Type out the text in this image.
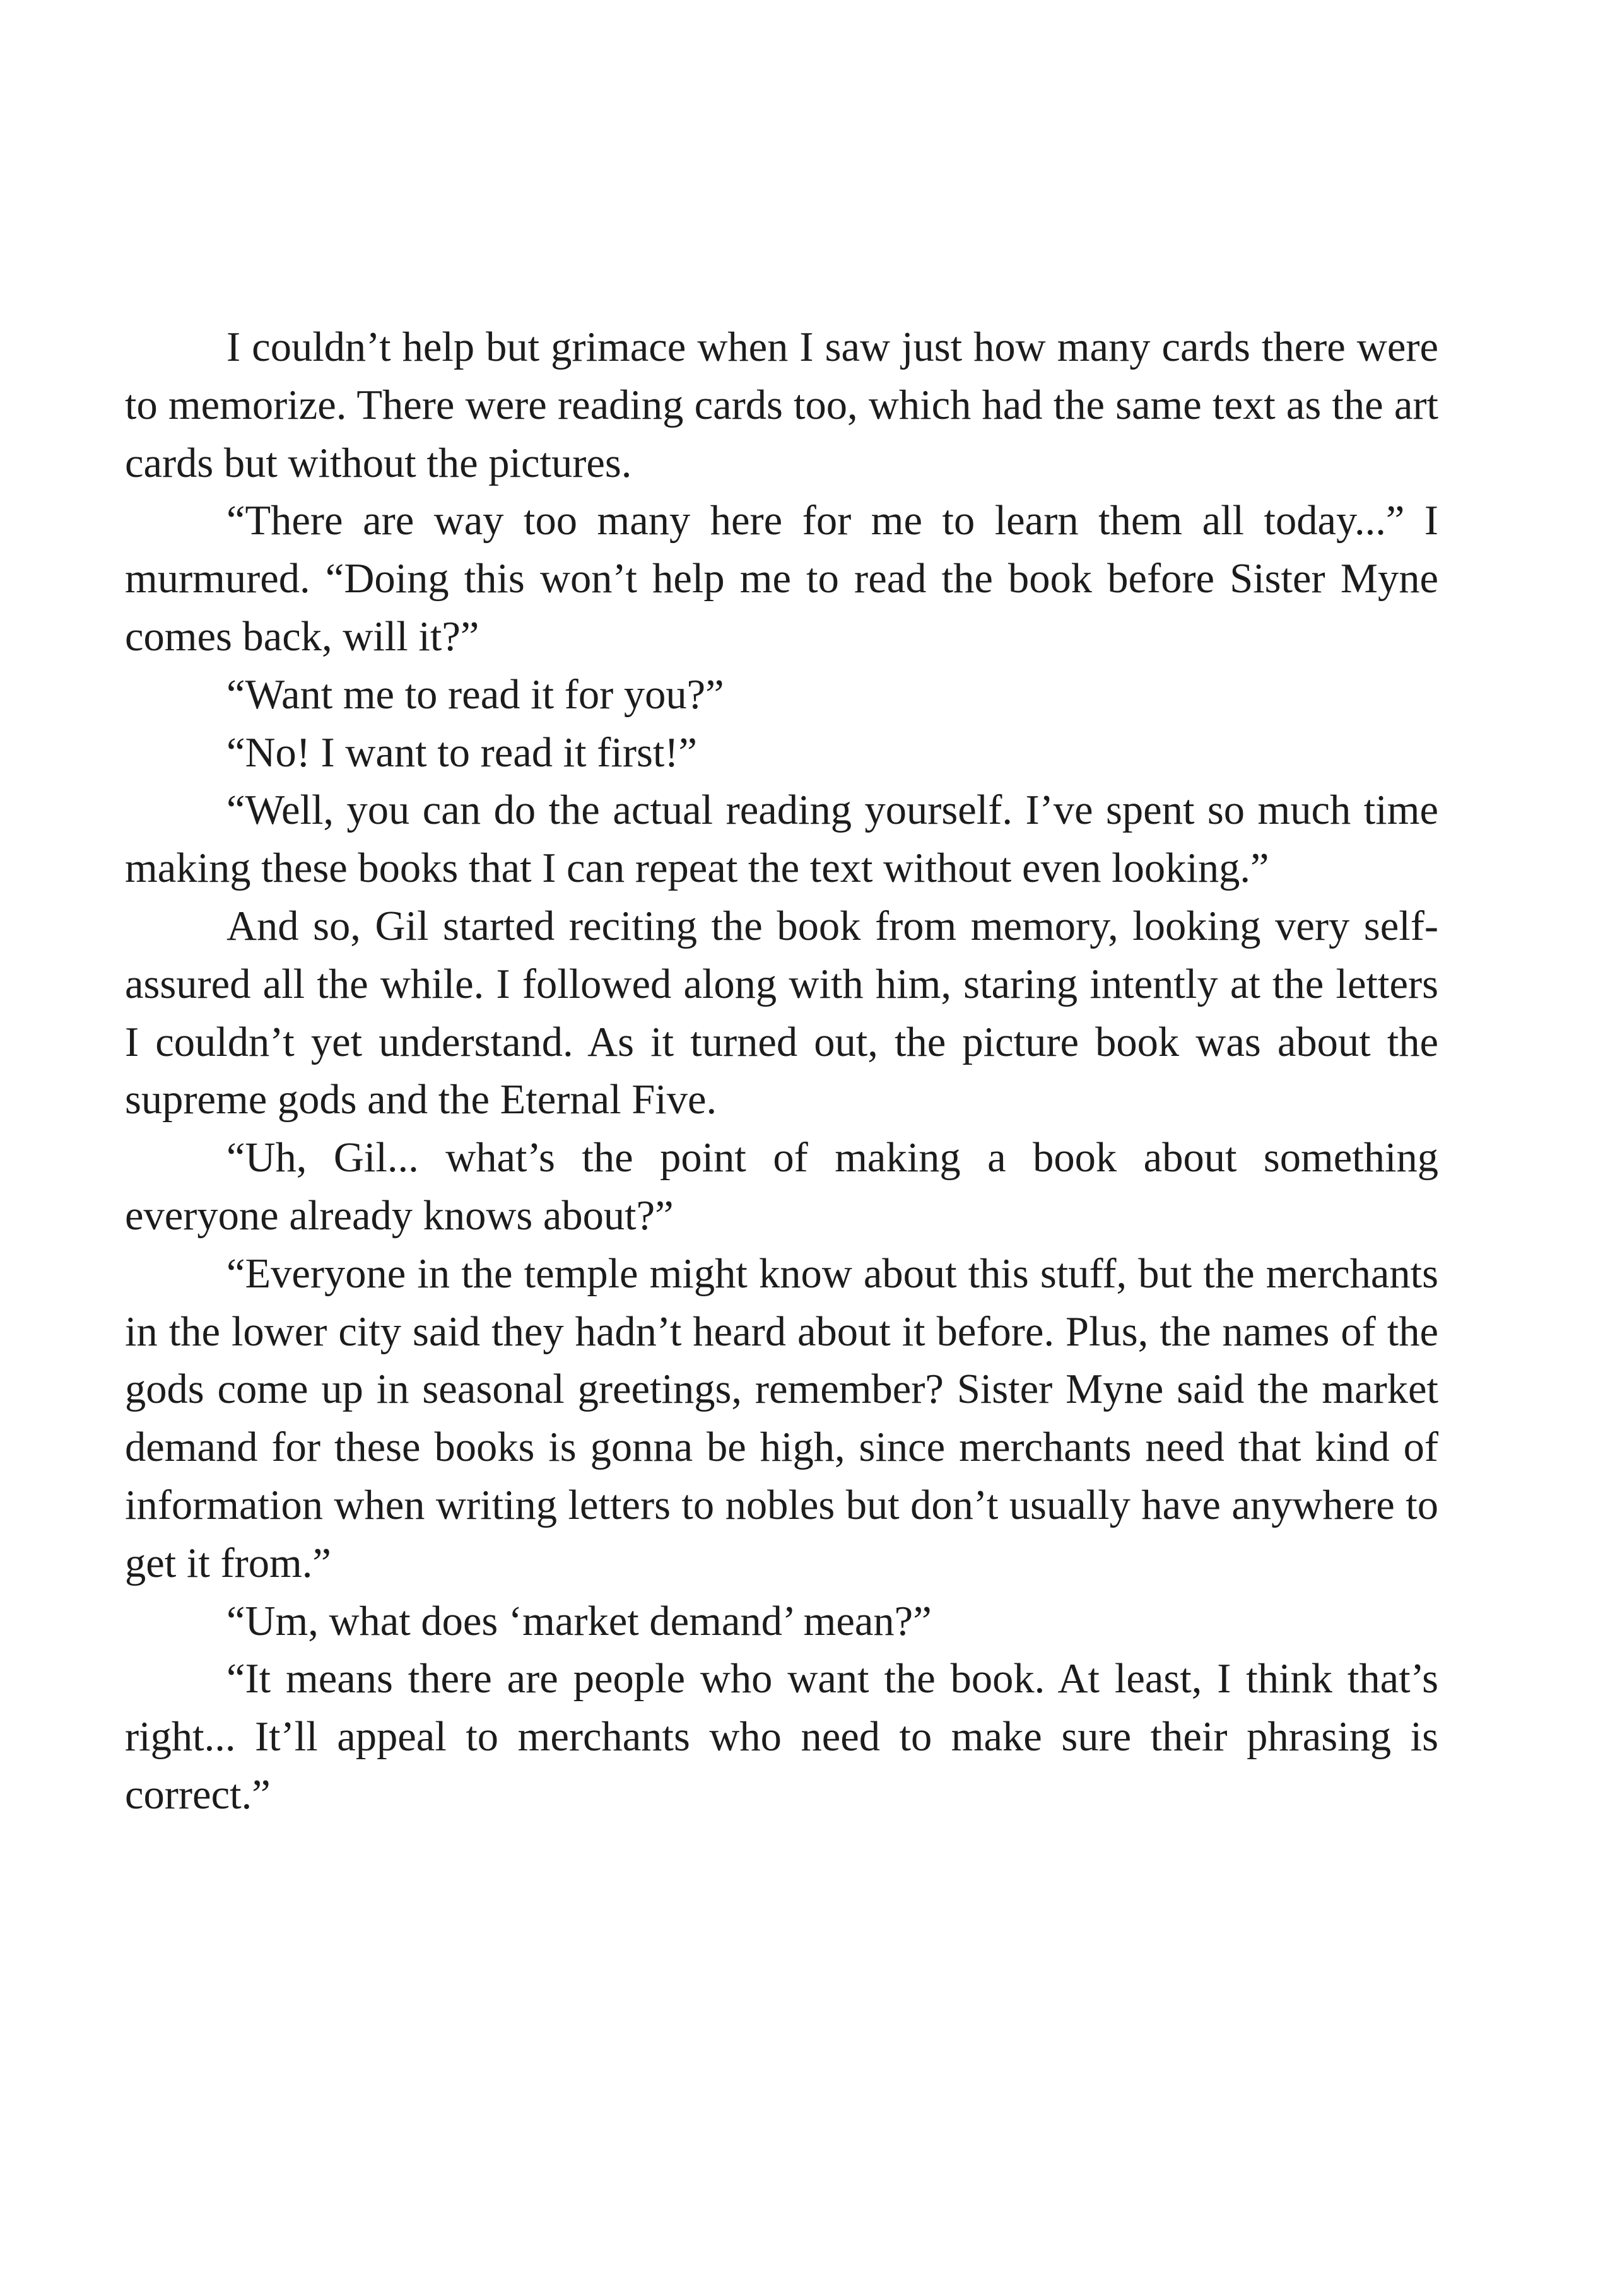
I couldn’t help but grimace when I saw just how many cards there were to memorize. There were reading cards too, which had the same text as the art cards but without the pictures.

“There are way too many here for me to learn them all today...” I murmured. “Doing this won’t help me to read the book before Sister Myne comes back, will it?”

“Want me to read it for you?”

“No! I want to read it first!”

“Well, you can do the actual reading yourself. I’ve spent so much time making these books that I can repeat the text without even looking.”

And so, Gil started reciting the book from memory, looking very self-assured all the while. I followed along with him, staring intently at the letters I couldn’t yet understand. As it turned out, the picture book was about the supreme gods and the Eternal Five.

“Uh, Gil... what’s the point of making a book about something everyone already knows about?”

“Everyone in the temple might know about this stuff, but the merchants in the lower city said they hadn’t heard about it before. Plus, the names of the gods come up in seasonal greetings, remember? Sister Myne said the market demand for these books is gonna be high, since merchants need that kind of information when writing letters to nobles but don’t usually have anywhere to get it from.”

“Um, what does ‘market demand’ mean?”

“It means there are people who want the book. At least, I think that’s right... It’ll appeal to merchants who need to make sure their phrasing is correct.”
